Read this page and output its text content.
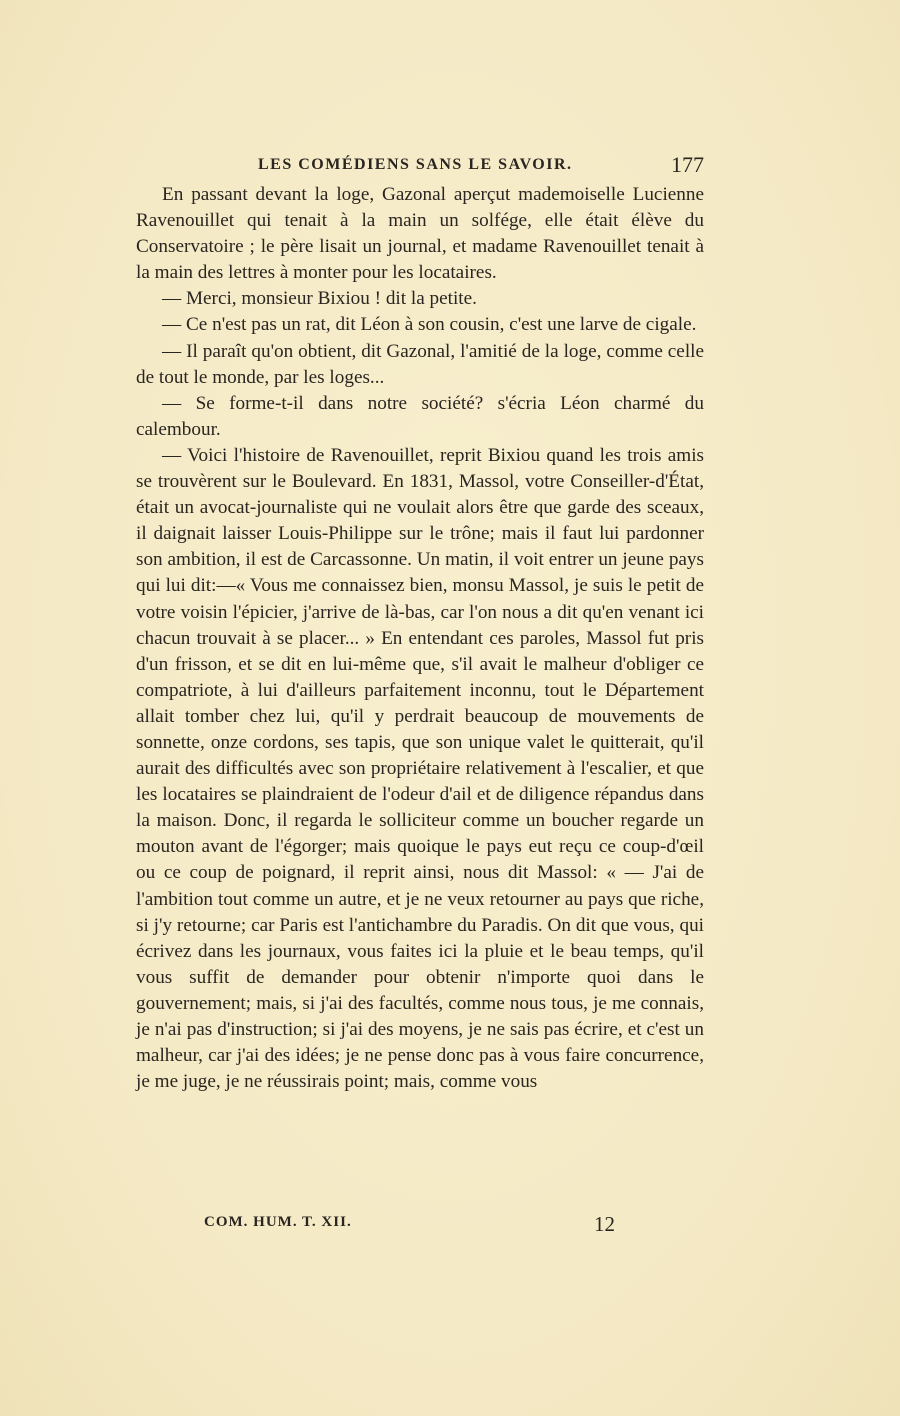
LES COMÉDIENS SANS LE SAVOIR.	177

En passant devant la loge, Gazonal aperçut mademoiselle Lucienne Ravenouillet qui tenait à la main un solfége, elle était élève du Conservatoire ; le père lisait un journal, et madame Ravenouillet tenait à la main des lettres à monter pour les locataires.

— Merci, monsieur Bixiou ! dit la petite.

— Ce n'est pas un rat, dit Léon à son cousin, c'est une larve de cigale.

— Il paraît qu'on obtient, dit Gazonal, l'amitié de la loge, comme celle de tout le monde, par les loges...

— Se forme-t-il dans notre société? s'écria Léon charmé du calembour.

— Voici l'histoire de Ravenouillet, reprit Bixiou quand les trois amis se trouvèrent sur le Boulevard. En 1831, Massol, votre Conseiller-d'État, était un avocat-journaliste qui ne voulait alors être que garde des sceaux, il daignait laisser Louis-Philippe sur le trône; mais il faut lui pardonner son ambition, il est de Carcassonne. Un matin, il voit entrer un jeune pays qui lui dit:—« Vous me connaissez bien, monsu Massol, je suis le petit de votre voisin l'épicier, j'arrive de là-bas, car l'on nous a dit qu'en venant ici chacun trouvait à se placer... » En entendant ces paroles, Massol fut pris d'un frisson, et se dit en lui-même que, s'il avait le malheur d'obliger ce compatriote, à lui d'ailleurs parfaitement inconnu, tout le Département allait tomber chez lui, qu'il y perdrait beaucoup de mouvements de sonnette, onze cordons, ses tapis, que son unique valet le quitterait, qu'il aurait des difficultés avec son propriétaire relativement à l'escalier, et que les locataires se plaindraient de l'odeur d'ail et de diligence répandus dans la maison. Donc, il regarda le solliciteur comme un boucher regarde un mouton avant de l'égorger; mais quoique le pays eut reçu ce coup-d'œil ou ce coup de poignard, il reprit ainsi, nous dit Massol: « — J'ai de l'ambition tout comme un autre, et je ne veux retourner au pays que riche, si j'y retourne; car Paris est l'antichambre du Paradis. On dit que vous, qui écrivez dans les journaux, vous faites ici la pluie et le beau temps, qu'il vous suffit de demander pour obtenir n'importe quoi dans le gouvernement; mais, si j'ai des facultés, comme nous tous, je me connais, je n'ai pas d'instruction; si j'ai des moyens, je ne sais pas écrire, et c'est un malheur, car j'ai des idées; je ne pense donc pas à vous faire concurrence, je me juge, je ne réussirais point; mais, comme vous

COM. HUM. T. XII.	12
